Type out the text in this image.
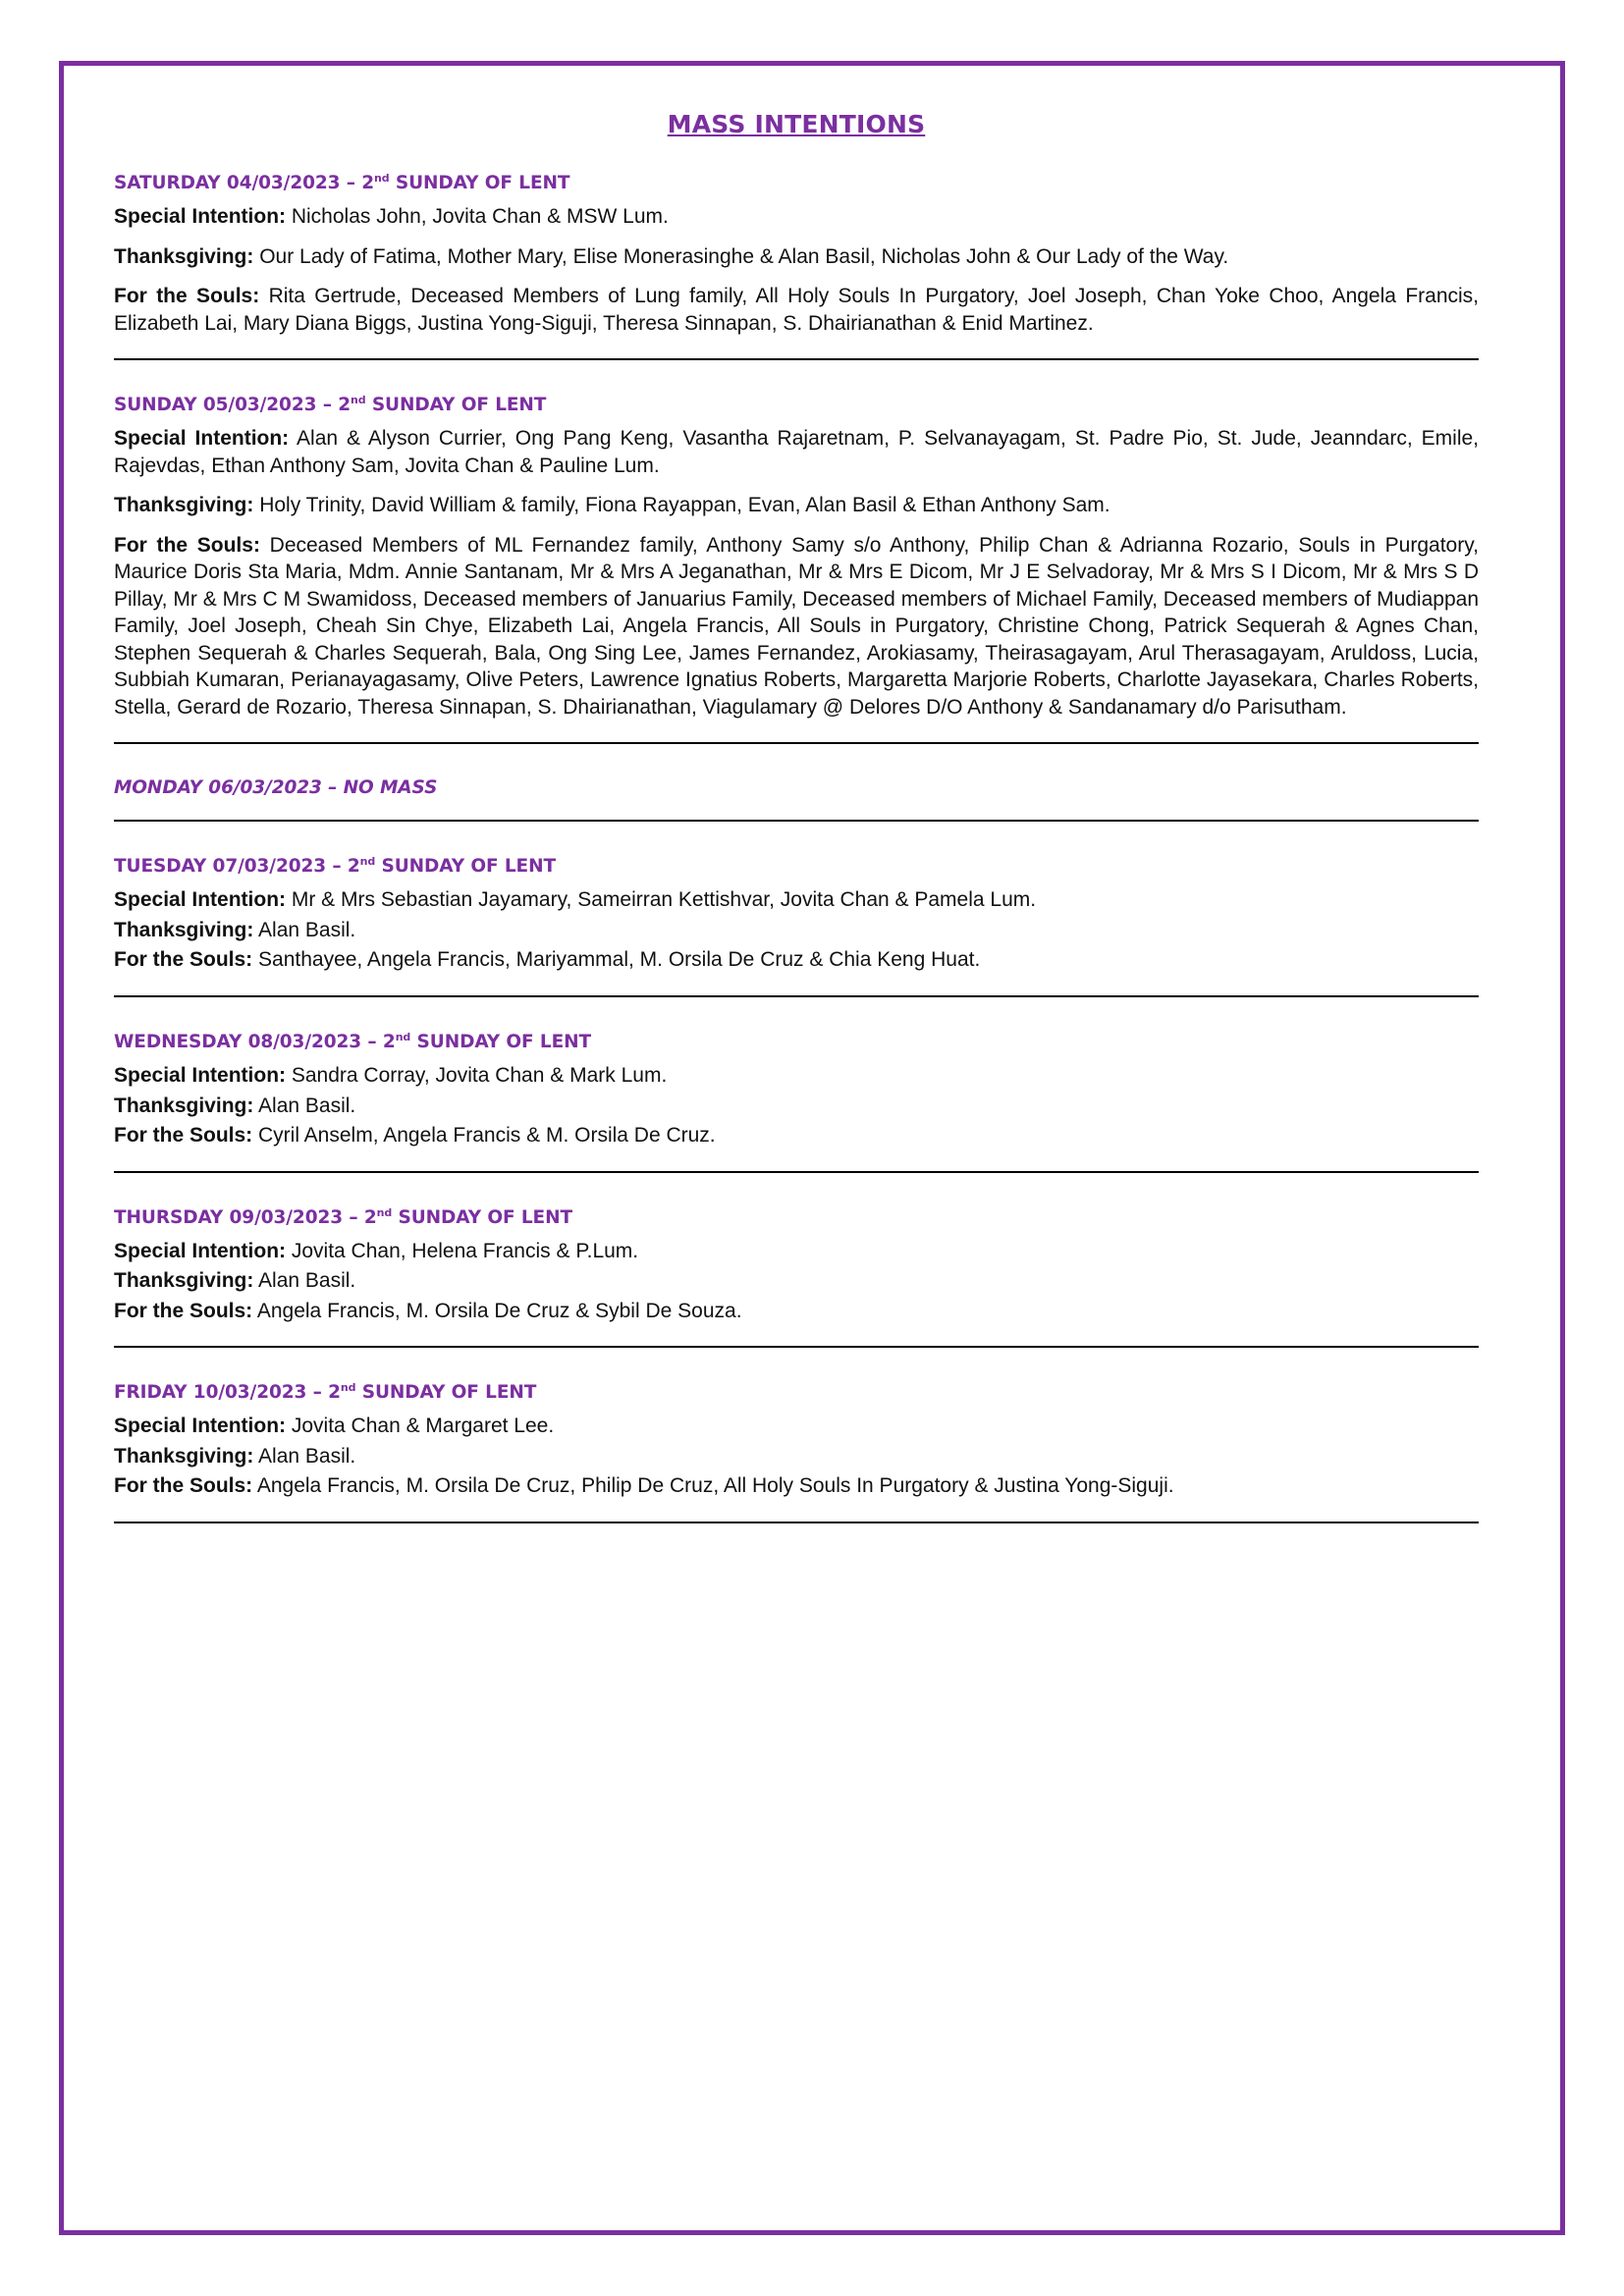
MASS INTENTIONS
SATURDAY 04/03/2023 – 2nd SUNDAY OF LENT
Special Intention: Nicholas John, Jovita Chan & MSW Lum.
Thanksgiving: Our Lady of Fatima, Mother Mary, Elise Monerasinghe & Alan Basil, Nicholas John & Our Lady of the Way.
For the Souls: Rita Gertrude, Deceased Members of Lung family, All Holy Souls In Purgatory, Joel Joseph, Chan Yoke Choo, Angela Francis, Elizabeth Lai, Mary Diana Biggs, Justina Yong-Siguji, Theresa Sinnapan, S. Dhairianathan & Enid Martinez.
SUNDAY 05/03/2023 – 2nd SUNDAY OF LENT
Special Intention: Alan & Alyson Currier, Ong Pang Keng, Vasantha Rajaretnam, P. Selvanayagam, St. Padre Pio, St. Jude, Jeanndarc, Emile, Rajevdas, Ethan Anthony Sam, Jovita Chan & Pauline Lum.
Thanksgiving: Holy Trinity, David William & family, Fiona Rayappan, Evan, Alan Basil & Ethan Anthony Sam.
For the Souls: Deceased Members of ML Fernandez family, Anthony Samy s/o Anthony, Philip Chan & Adrianna Rozario, Souls in Purgatory, Maurice Doris Sta Maria, Mdm. Annie Santanam, Mr & Mrs A Jeganathan, Mr & Mrs E Dicom, Mr J E Selvadoray, Mr & Mrs S I Dicom, Mr & Mrs S D Pillay, Mr & Mrs C M Swamidoss, Deceased members of Januarius Family, Deceased members of Michael Family, Deceased members of Mudiappan Family, Joel Joseph, Cheah Sin Chye, Elizabeth Lai, Angela Francis, All Souls in Purgatory, Christine Chong, Patrick Sequerah & Agnes Chan, Stephen Sequerah & Charles Sequerah, Bala, Ong Sing Lee, James Fernandez, Arokiasamy, Theirasagayam, Arul Therasagayam, Aruldoss, Lucia, Subbiah Kumaran, Perianayagasamy, Olive Peters, Lawrence Ignatius Roberts, Margaretta Marjorie Roberts, Charlotte Jayasekara, Charles Roberts, Stella, Gerard de Rozario, Theresa Sinnapan, S. Dhairianathan, Viagulamary @ Delores D/O Anthony & Sandanamary d/o Parisutham.
MONDAY 06/03/2023 – NO MASS
TUESDAY 07/03/2023 – 2nd SUNDAY OF LENT
Special Intention: Mr & Mrs Sebastian Jayamary, Sameirran Kettishvar, Jovita Chan & Pamela Lum.
Thanksgiving: Alan Basil.
For the Souls: Santhayee, Angela Francis, Mariyammal, M. Orsila De Cruz & Chia Keng Huat.
WEDNESDAY 08/03/2023 – 2nd SUNDAY OF LENT
Special Intention: Sandra Corray, Jovita Chan & Mark Lum.
Thanksgiving: Alan Basil.
For the Souls: Cyril Anselm, Angela Francis & M. Orsila De Cruz.
THURSDAY 09/03/2023 – 2nd SUNDAY OF LENT
Special Intention: Jovita Chan, Helena Francis & P.Lum.
Thanksgiving: Alan Basil.
For the Souls: Angela Francis, M. Orsila De Cruz & Sybil De Souza.
FRIDAY 10/03/2023 – 2nd SUNDAY OF LENT
Special Intention: Jovita Chan & Margaret Lee.
Thanksgiving: Alan Basil.
For the Souls: Angela Francis, M. Orsila De Cruz, Philip De Cruz, All Holy Souls In Purgatory & Justina Yong-Siguji.
